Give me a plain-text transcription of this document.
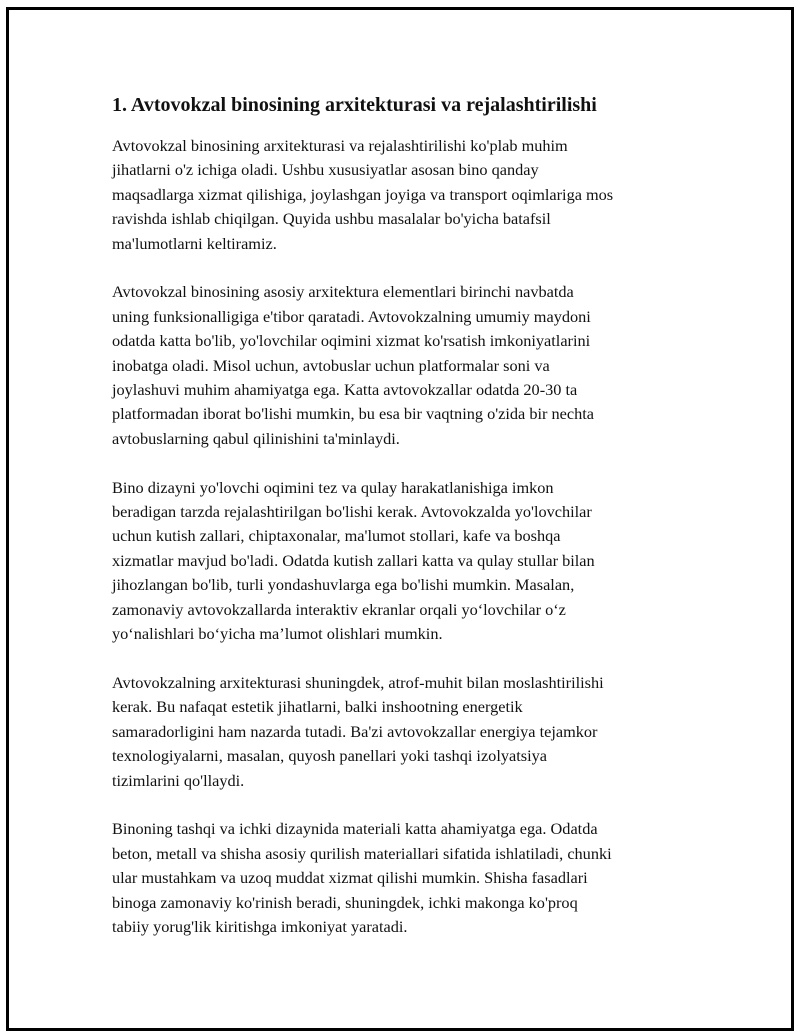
1. Avtovokzal binosining arxitekturasi va rejalashtirilishi
Avtovokzal binosining arxitekturasi va rejalashtirilishi ko'plab muhim
jihatlarni o'z ichiga oladi. Ushbu xususiyatlar asosan bino qanday
maqsadlarga xizmat qilishiga, joylashgan joyiga va transport oqimlariga mos
ravishda ishlab chiqilgan. Quyida ushbu masalalar bo'yicha batafsil
ma'lumotlarni keltiramiz.
Avtovokzal binosining asosiy arxitektura elementlari birinchi navbatda
uning funksionalligiga e'tibor qaratadi. Avtovokzalning umumiy maydoni
odatda katta bo'lib, yo'lovchilar oqimini xizmat ko'rsatish imkoniyatlarini
inobatga oladi. Misol uchun, avtobuslar uchun platformalar soni va
joylashuvi muhim ahamiyatga ega. Katta avtovokzallar odatda 20-30 ta
platformadan iborat bo'lishi mumkin, bu esa bir vaqtning o'zida bir nechta
avtobuslarning qabul qilinishini ta'minlaydi.
Bino dizayni yo'lovchi oqimini tez va qulay harakatlanishiga imkon
beradigan tarzda rejalashtirilgan bo'lishi kerak. Avtovokzalda yo'lovchilar
uchun kutish zallari, chiptaxonalar, ma'lumot stollari, kafe va boshqa
xizmatlar mavjud bo'ladi. Odatda kutish zallari katta va qulay stullar bilan
jihozlangan bo'lib, turli yondashuvlarga ega bo'lishi mumkin. Masalan,
zamonaviy avtovokzallarda interaktiv ekranlar orqali yo‘lovchilar o‘z
yo‘nalishlari bo‘yicha ma’lumot olishlari mumkin.
Avtovokzalning arxitekturasi shuningdek, atrof-muhit bilan moslashtirilishi
kerak. Bu nafaqat estetik jihatlarni, balki inshootning energetik
samaradorligini ham nazarda tutadi. Ba'zi avtovokzallar energiya tejamkor
texnologiyalarni, masalan, quyosh panellari yoki tashqi izolyatsiya
tizimlarini qo'llaydi.
Binoning tashqi va ichki dizaynida materiali katta ahamiyatga ega. Odatda
beton, metall va shisha asosiy qurilish materiallari sifatida ishlatiladi, chunki
ular mustahkam va uzoq muddat xizmat qilishi mumkin. Shisha fasadlari
binoga zamonaviy ko'rinish beradi, shuningdek, ichki makonga ko'proq
tabiiy yorug'lik kiritishga imkoniyat yaratadi.
